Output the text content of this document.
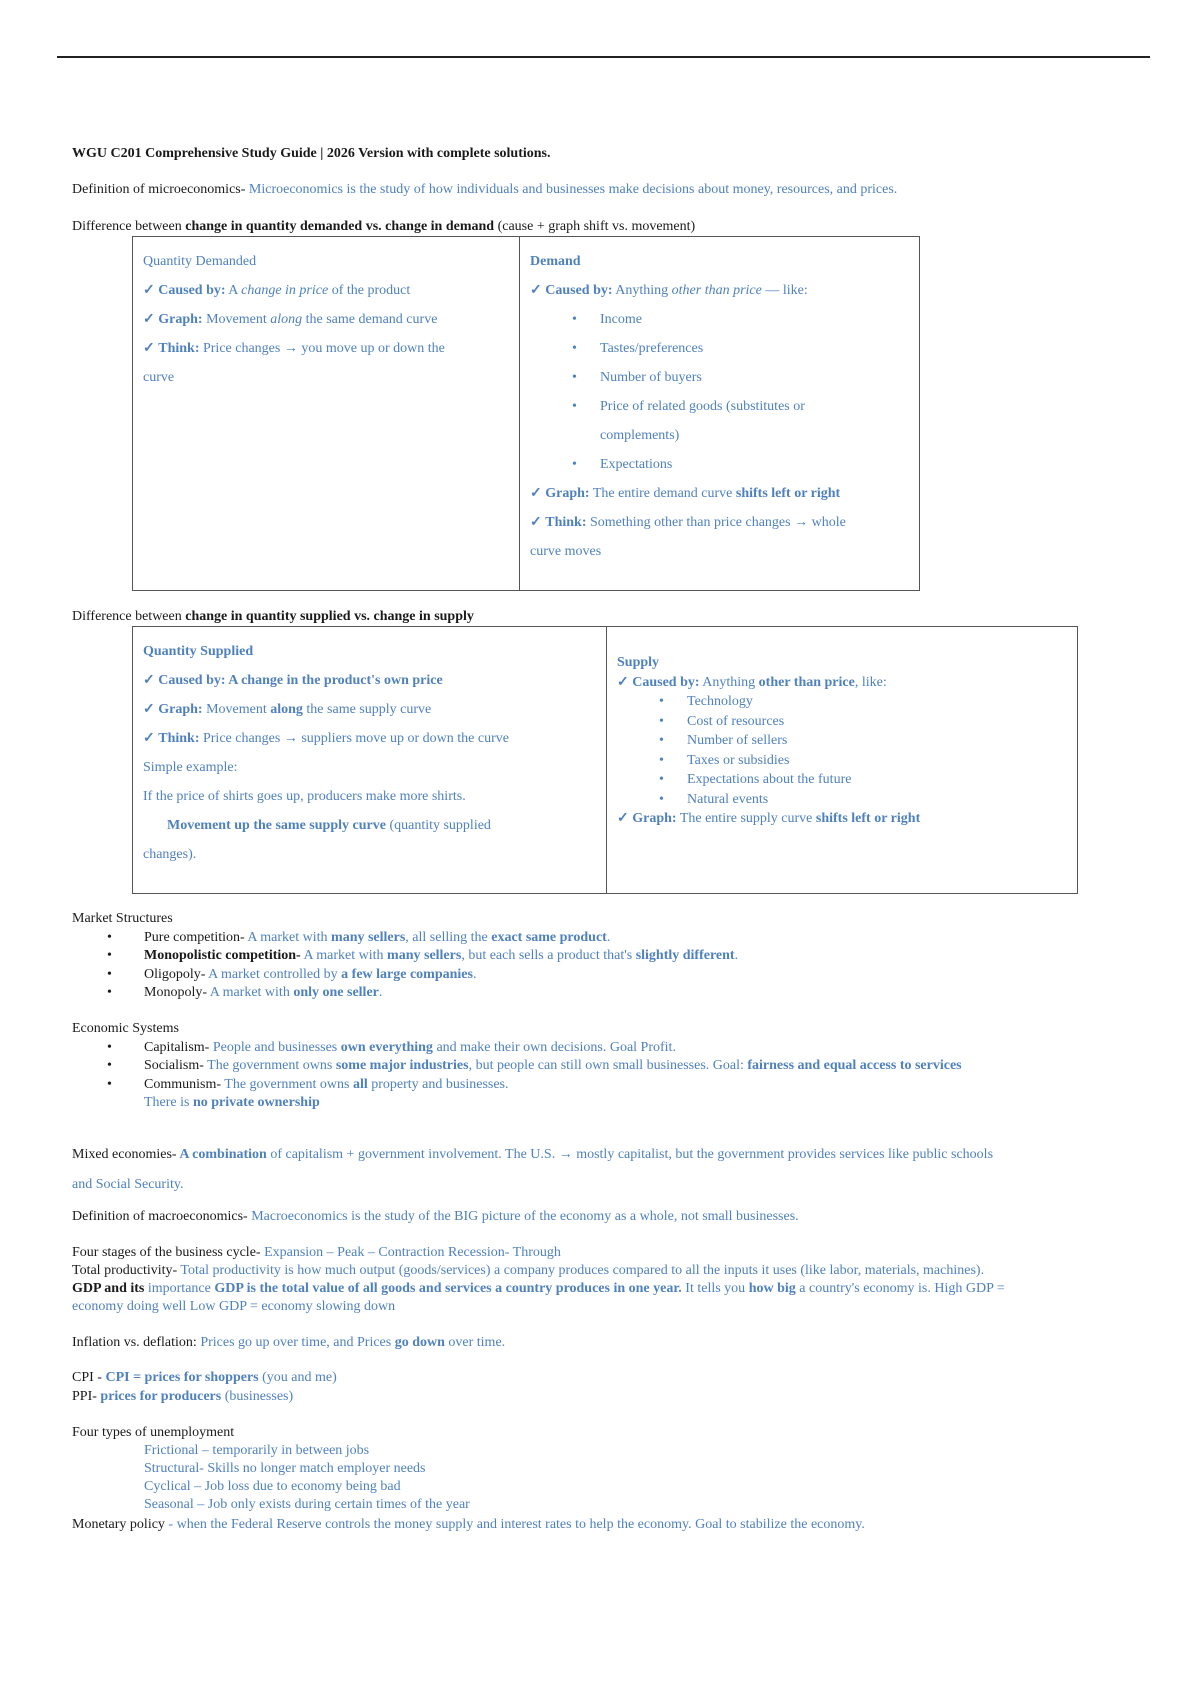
WGU C201 Comprehensive Study Guide | 2026 Version with complete solutions.
Definition of microeconomics- Microeconomics is the study of how individuals and businesses make decisions about money, resources, and prices.
Difference between change in quantity demanded vs. change in demand (cause + graph shift vs. movement)
Quantity Demanded
✓ Caused by: A change in price of the product
✓ Graph: Movement along the same demand curve
✓ Think: Price changes → you move up or down the
curve
Demand
✓ Caused by: Anything other than price — like:
• Income
• Tastes/preferences
• Number of buyers
• Price of related goods (substitutes or
complements)
• Expectations
✓ Graph: The entire demand curve shifts left or right
✓ Think: Something other than price changes → whole
curve moves
Difference between change in quantity supplied vs. change in supply
Quantity Supplied
✓ Caused by: A change in the product's own price
✓ Graph: Movement along the same supply curve
✓ Think: Price changes → suppliers move up or down the curve
Simple example:
If the price of shirts goes up, producers make more shirts.
Movement up the same supply curve (quantity supplied
changes).
Supply
✓ Caused by: Anything other than price, like:
• Technology
• Cost of resources
• Number of sellers
• Taxes or subsidies
• Expectations about the future
• Natural events
✓ Graph: The entire supply curve shifts left or right
Market Structures
• Pure competition- A market with many sellers, all selling the exact same product.
• Monopolistic competition- A market with many sellers, but each sells a product that's slightly different.
• Oligopoly- A market controlled by a few large companies.
• Monopoly- A market with only one seller.
Economic Systems
• Capitalism- People and businesses own everything and make their own decisions. Goal Profit.
• Socialism- The government owns some major industries, but people can still own small businesses. Goal: fairness and equal access to services
• Communism- The government owns all property and businesses.
There is no private ownership
Mixed economies- A combination of capitalism + government involvement. The U.S. → mostly capitalist, but the government provides services like public schools
and Social Security.
Definition of macroeconomics- Macroeconomics is the study of the BIG picture of the economy as a whole, not small businesses.
Four stages of the business cycle- Expansion – Peak – Contraction Recession- Through
Total productivity- Total productivity is how much output (goods/services) a company produces compared to all the inputs it uses (like labor, materials, machines).
GDP and its importance GDP is the total value of all goods and services a country produces in one year. It tells you how big a country's economy is. High GDP =
economy doing well Low GDP = economy slowing down
Inflation vs. deflation: Prices go up over time, and Prices go down over time.
CPI - CPI = prices for shoppers (you and me)
PPI- prices for producers (businesses)
Four types of unemployment
Frictional – temporarily in between jobs
Structural- Skills no longer match employer needs
Cyclical – Job loss due to economy being bad
Seasonal – Job only exists during certain times of the year
Monetary policy - when the Federal Reserve controls the money supply and interest rates to help the economy. Goal to stabilize the economy.
